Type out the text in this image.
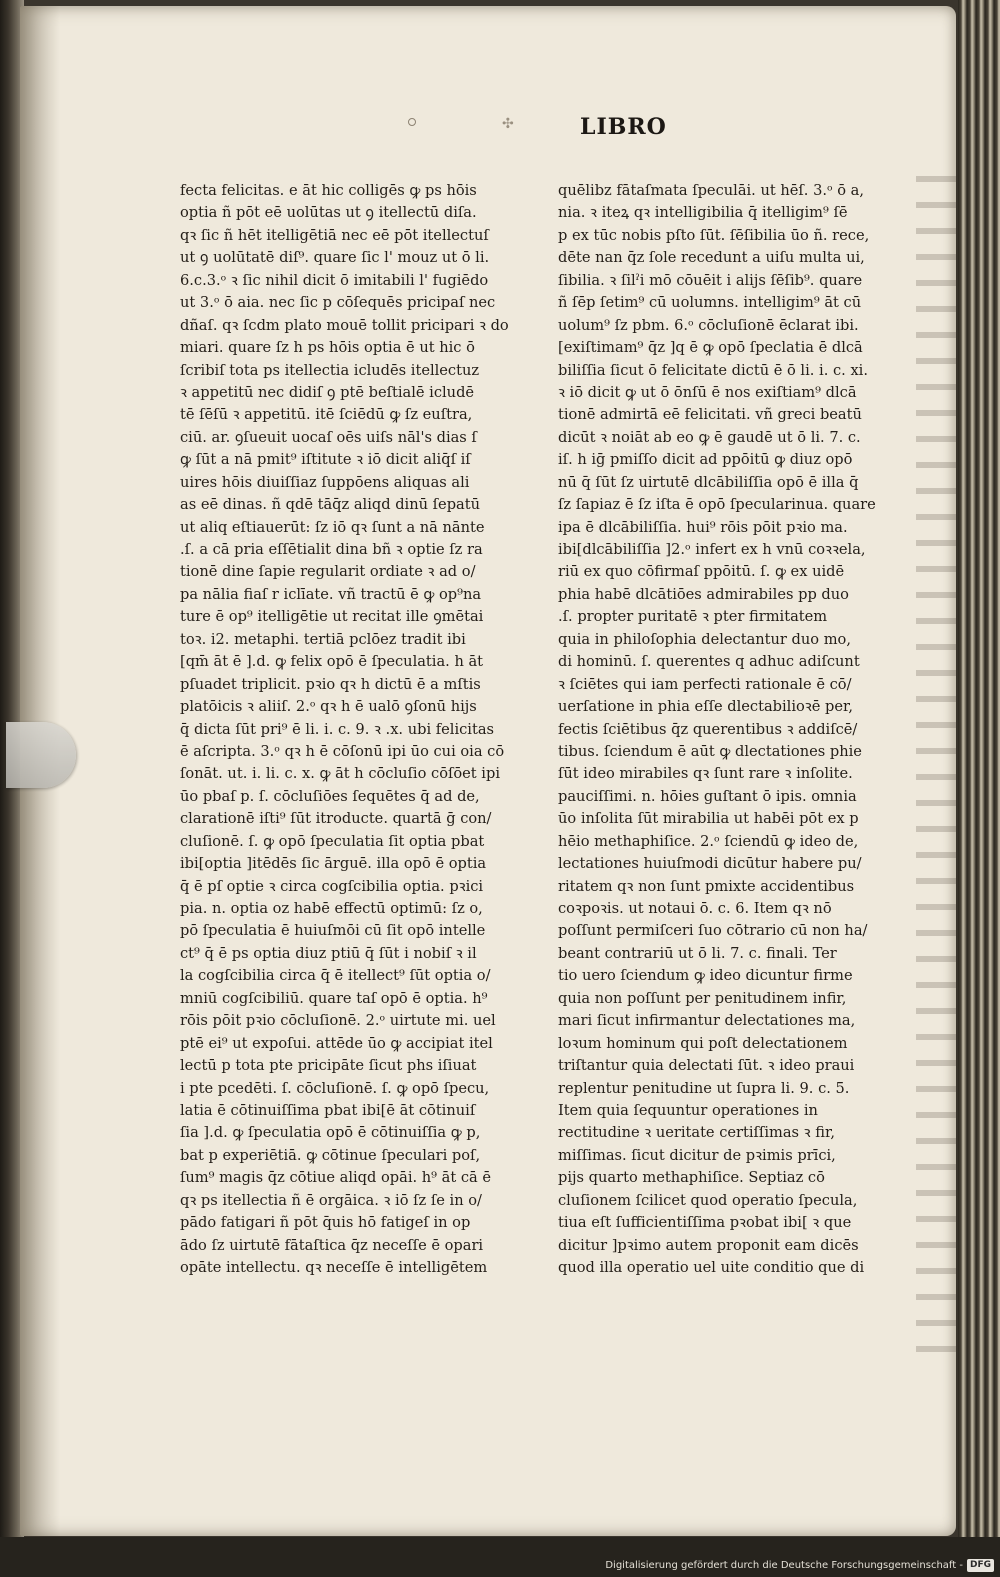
✣	LIBRO
fecta felicitas. e āt hic colligēs ꝙ ps hōis
optia ñ pōt eē uolūtas ut ꝯ itellectū diſa.
qꝛ ſic ñ hēt itelligētiā nec eē pōt itellectuſ
ut ꝯ uolūtatē diſ⁹. quare ſic l' mouz ut ō li.
6.c.3.ᵒ ꝛ ſic nihil dicit ō imitabili l' fugiēdo
ut 3.ᵒ ō aia. nec ſic p cōſequēs pricipaſ nec
dñaſ. qꝛ ſcdm plato mouē tollit pricipari ꝛ do
miari. quare ſz h ps hōis optia ē ut hic ō
ſcribiſ tota ps itellectia icludēs itellectuz
ꝛ appetitū nec didiſ ꝯ ptē beſtialē icludē
tē ſēſū ꝛ appetitū. itē ſciēdū ꝙ ſz euſtra,
ciū. ar. ꝯſueuit uocaſ oēs uiſs nāl's dias ſ
ꝙ ſūt a nā pmit⁹ iſtitute ꝛ iō dicit aliq̄ſ iſ
uires hōis diuiſſiaz ſuppōens aliquas ali
as eē dinas. ñ qdē tāq̄z aliqd dinū ſepatū
ut aliq eſtiauerūt: ſz iō qꝛ ſunt a nā nānte
.ſ. a cā pria eſſētialit dina bñ ꝛ optie ſz ra
tionē dine ſapie regularit ordiate ꝛ ad o/
pa nālia fiaſ r iclīate. vñ tractū ē ꝙ op⁹na
ture ē op⁹ itelligētie ut recitat ille ꝯmētai
toꝛ. i2. metaphi. tertiā pclōez tradit ibi
[qm̄ āt ē ].d. ꝙ felix opō ē ſpeculatia. h āt
pſuadet triplicit. pꝛio qꝛ h dictū ē a mſtis
platōicis ꝛ aliiſ. 2.ᵒ qꝛ h ē ualō ꝯſonū hijs
q̄ dicta ſūt pri⁹ ē li. i. c. 9. ꝛ .x. ubi felicitas
ē aſcripta. 3.ᵒ qꝛ h ē cōſonū ipi ūo cui oia cō
ſonāt. ut. i. li. c. x. ꝙ āt h cōcluſio cōſōet ipi
ūo pbaſ p. ſ. cōcluſiōes ſequētes q̄ ad de,
clarationē iſti⁹ ſūt itroducte. quartā ḡ con/
cluſionē. ſ. ꝙ opō ſpeculatia ſit optia pbat
ibi[optia ]itēdēs ſic ārguē. illa opō ē optia
q̄ ē pſ optie ꝛ circa cogſcibilia optia. pꝛici
pia. n. optia oz habē effectū optimū: ſz o,
pō ſpeculatia ē huiuſmōi cū ſit opō intelle
ct⁹ q̄ ē ps optia diuz ptiū q̄ ſūt i nobiſ ꝛ il
la cogſcibilia circa q̄ ē itellect⁹ ſūt optia o/
mniū cogſcibiliū. quare taſ opō ē optia. h⁹
rōis pōit pꝛio cōcluſionē. 2.ᵒ uirtute mi. uel
ptē ei⁹ ut expoſui. attēde ūo ꝙ accipiat itel
lectū p tota pte pricipāte ſicut phs iſiuat
i pte pcedēti. ſ. cōcluſionē. ſ. ꝙ opō ſpecu,
latia ē cōtinuiſſima pbat ibi[ē āt cōtinuiſ
ſia ].d. ꝙ ſpeculatia opō ē cōtinuiſſia ꝙ p,
bat p experiētiā. ꝙ cōtinue ſpeculari poſ,
ſum⁹ magis q̄z cōtiue aliqd opāi. h⁹ āt cā ē
qꝛ ps itellectia ñ ē orgāica. ꝛ iō ſz ſe in o/
pādo fatigari ñ pōt q̄uis hō fatigeſ in op
ādo ſz uirtutē fātaſtica q̄z neceſſe ē opari
opāte intellectu. qꝛ neceſſe ē intelligētem
quēlibz fātaſmata ſpeculāi. ut hēſ. 3.ᵒ ō a,
nia. ꝛ iteꝝ qꝛ intelligibilia q̄ itelligim⁹ ſē
p ex tūc nobis pſto ſūt. ſēſibilia ūo ñ. rece,
dēte nan q̄z ſole recedunt a uiſu multa ui,
ſibilia. ꝛ ſilˀi mō cōuēit i alijs ſēſib⁹. quare
ñ ſēp ſetim⁹ cū uolumns. intelligim⁹ āt cū
uolum⁹ ſz pbm. 6.ᵒ cōcluſionē ēclarat ibi.
[exiſtimam⁹ q̄z ]q ē ꝙ opō ſpeclatia ē dlcā
biliſſia ſicut ō felicitate dictū ē ō li. i. c. xi.
ꝛ iō dicit ꝙ ut ō ōnſū ē nos exiſtiam⁹ dlcā
tionē admirtā eē felicitati. vñ greci beatū
dicūt ꝛ noiāt ab eo ꝙ ē gaudē ut ō li. 7. c.
iſ. h iḡ pmiſſo dicit ad ppōitū ꝙ diuz opō
nū q̄ ſūt ſz uirtutē dlcābiliſſia opō ē illa q̄
ſz ſapiaz ē ſz iſta ē opō ſpecularinua. quare
ipa ē dlcābiliſſia. hui⁹ rōis pōit pꝛio ma.
ibi[dlcābiliſſia ]2.ᵒ infert ex h vnū coꝛꝛela,
riū ex quo cōfirmaſ ppōitū. ſ. ꝙ ex uidē
phia habē dlcātiōes admirabiles pp duo
.ſ. propter puritatē ꝛ pter firmitatem
quia in philoſophia delectantur duo mo,
di hominū. ſ. querentes q adhuc adiſcunt
ꝛ ſciētes qui iam perfecti rationale ē cō/
uerſatione in phia eſſe dlectabilioꝛē per,
fectis ſciētibus q̄z querentibus ꝛ addiſcē/
tibus. ſciendum ē aūt ꝙ dlectationes phie
ſūt ideo mirabiles qꝛ ſunt rare ꝛ inſolite.
pauciſſimi. n. hōies guſtant ō ipis. omnia
ūo inſolita ſūt mirabilia ut habēi pōt ex p
hēio methaphiſice. 2.ᵒ ſciendū ꝙ ideo de,
lectationes huiuſmodi dicūtur habere pu/
ritatem qꝛ non ſunt pmixte accidentibus
coꝛpoꝛis. ut notaui ō. c. 6. Item qꝛ nō
poſſunt permiſceri ſuo cōtrario cū non ha/
beant contrariū ut ō li. 7. c. finali. Ter
tio uero ſciendum ꝙ ideo dicuntur firme
quia non poſſunt per penitudinem infir,
mari ſicut infirmantur delectationes ma,
loꝛum hominum qui poſt delectationem
triſtantur quia delectati ſūt. ꝛ ideo praui
replentur penitudine ut ſupra li. 9. c. 5.
Item quia ſequuntur operationes in
rectitudine ꝛ ueritate certiſſimas ꝛ fir,
miſſimas. ſicut dicitur de pꝛimis prīci,
pijs quarto methaphiſice. Septiaz cō
cluſionem ſcilicet quod operatio ſpecula,
tiua eſt ſufficientiſſima pꝛobat ibi[ ꝛ que
dicitur ]pꝛimo autem proponit eam dicēs
quod illa operatio uel uite conditio que di
Digitalisierung gefördert durch die Deutsche Forschungsgemeinschaft - DFG
